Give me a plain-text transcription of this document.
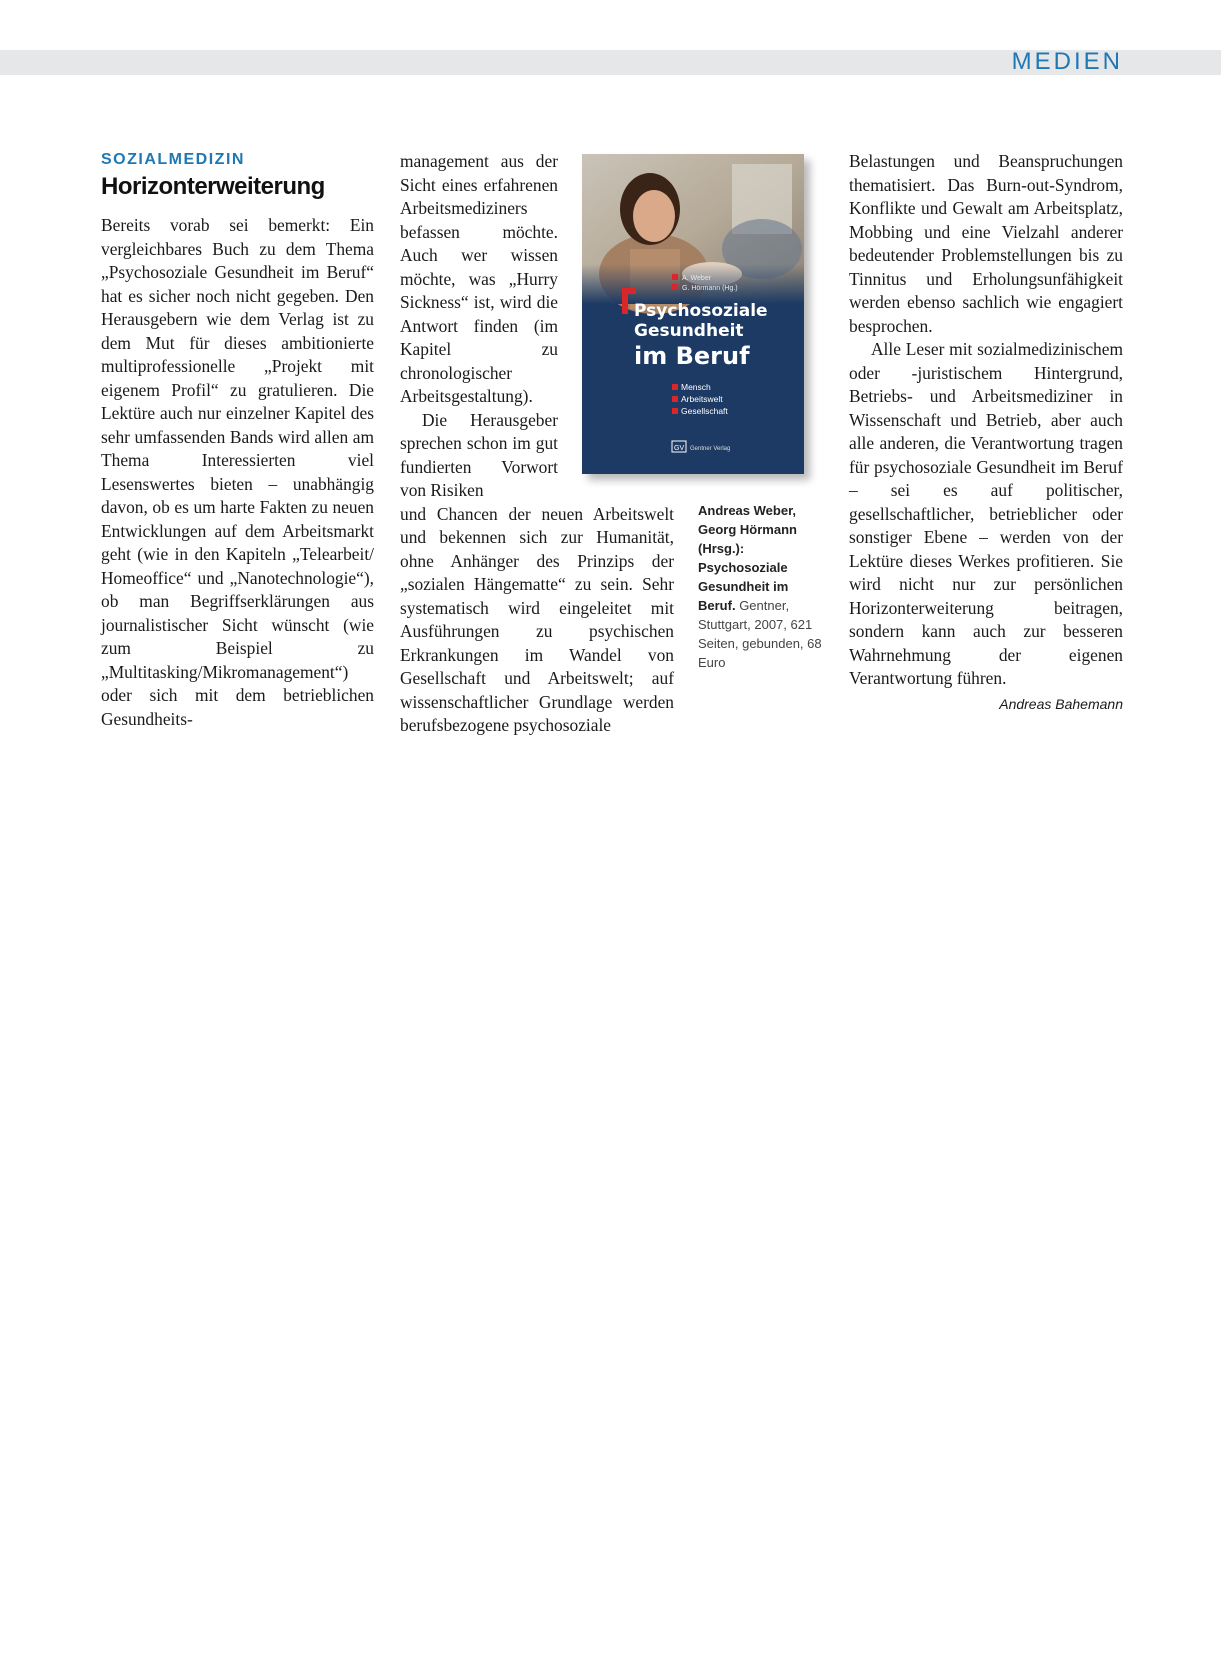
MEDIEN
SOZIALMEDIZIN
Horizonterweiterung

Bereits vorab sei bemerkt: Ein vergleichbares Buch zu dem Thema „Psychosoziale Gesundheit im Beruf“ hat es sicher noch nicht gegeben. Den Herausgebern wie dem Verlag ist zu dem Mut für dieses ambitionierte multiprofessionelle „Projekt mit eigenem Profil“ zu gratulieren. Die Lektüre auch nur einzelner Kapitel des sehr umfassenden Bands wird allen am Thema Interessierten viel Lesenswertes bieten – unabhängig davon, ob es um harte Fakten zu neuen Entwicklungen auf dem Arbeitsmarkt geht (wie in den Kapiteln „Telearbeit/ Homeoffice“ und „Nanotechnologie“), ob man Begriffserklärungen aus journalistischer Sicht wünscht (wie zum Beispiel zu „Multitasking/Mikromanagement“) oder sich mit dem betrieblichen Gesundheits-

management aus der Sicht eines erfahrenen Arbeitsmediziners befassen möchte. Auch wer wissen möchte, was „Hurry Sickness“ ist, wird die Antwort finden (im Kapitel zu chronologischer Arbeitsgestaltung).

Die Herausgeber sprechen schon im gut fundierten Vorwort von Risiken

und Chancen der neuen Arbeitswelt und bekennen sich zur Humanität, ohne Anhänger des Prinzips der „sozialen Hängematte“ zu sein. Sehr systematisch wird eingeleitet mit Ausführungen zu psychischen Erkrankungen im Wandel von Gesellschaft und Arbeitswelt; auf wissenschaftlicher Grundlage werden berufsbezogene psychosoziale

A. Weber
G. Hörmann (Hg.)
Psychosoziale
Gesundheit
im Beruf
Mensch
Arbeitswelt
Gesellschaft
GV Gentner Verlag
Andreas Weber, Georg Hörmann (Hrsg.): Psychosoziale Gesundheit im Beruf. Gentner, Stuttgart, 2007, 621 Seiten, gebunden, 68 Euro

Belastungen und Beanspruchungen thematisiert. Das Burn-out-Syndrom, Konflikte und Gewalt am Arbeitsplatz, Mobbing und eine Vielzahl anderer bedeutender Problemstellungen bis zu Tinnitus und Erholungsunfähigkeit werden ebenso sachlich wie engagiert besprochen.

Alle Leser mit sozialmedizinischem oder -juristischem Hintergrund, Betriebs- und Arbeitsmediziner in Wissenschaft und Betrieb, aber auch alle anderen, die Verantwortung tragen für psychosoziale Gesundheit im Beruf – sei es auf politischer, gesellschaftlicher, betrieblicher oder sonstiger Ebene – werden von der Lektüre dieses Werkes profitieren. Sie wird nicht nur zur persönlichen Horizonterweiterung beitragen, sondern kann auch zur besseren Wahrnehmung der eigenen Verantwortung führen.

Andreas Bahemann
